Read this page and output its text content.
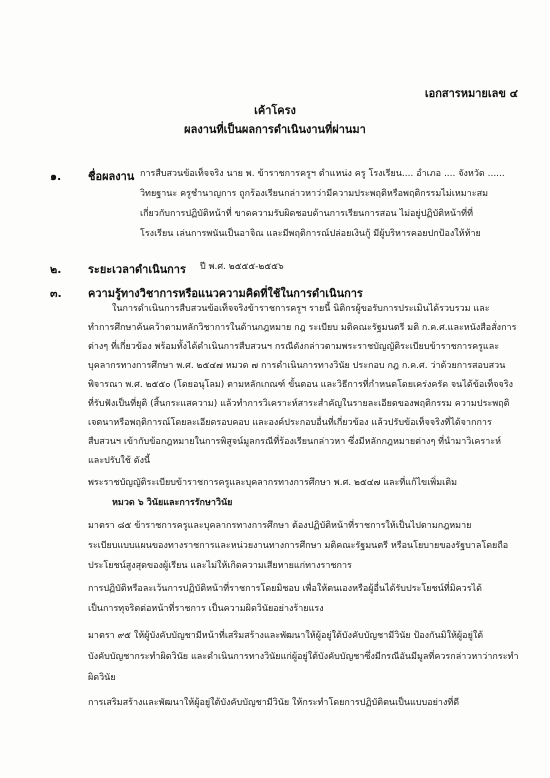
เอกสารหมายเลข ๔
เค้าโครง
ผลงานที่เป็นผลการดำเนินงานที่ผ่านมา
๑. ชื่อผลงาน การสืบสวนข้อเท็จจริง นาย พ. ข้าราชการครูฯ ตำแหน่ง ครู โรงเรียน.... อำเภอ .... จังหวัด ......
วิทยฐานะ ครูชำนาญการ ถูกร้องเรียนกล่าวหาว่ามีความประพฤติหรือพฤติกรรมไม่เหมาะสม
เกี่ยวกับการปฏิบัติหน้าที่ ขาดความรับผิดชอบด้านการเรียนการสอน ไม่อยู่ปฏิบัติหน้าที่ที่
โรงเรียน เล่นการพนันเป็นอาจิณ และมีพฤติการณ์ปล่อยเงินกู้ มีผู้บริหารคอยปกป้องให้ท้าย
๒. ระยะเวลาดำเนินการ ปี พ.ศ. ๒๕๕๕-๒๕๕๖
๓. ความรู้ทางวิชาการหรือแนวความคิดที่ใช้ในการดำเนินการ
ในการดำเนินการสืบสวนข้อเท็จจริงข้าราชการครูฯ รายนี้ นิติกรผู้ขอรับการประเมินได้รวบรวม และ
ทำการศึกษาค้นคว้าตามหลักวิชาการในด้านกฎหมาย กฎ ระเบียบ มติคณะรัฐมนตรี มติ ก.ค.ศ.และหนังสือสั่งการ
ต่างๆ ที่เกี่ยวข้อง พร้อมทั้งได้ดำเนินการสืบสวนฯ กรณีดังกล่าวตามพระราชบัญญัติระเบียบข้าราชการครูและ
บุคลากรทางการศึกษา พ.ศ. ๒๕๔๗ หมวด ๗ การดำเนินการทางวินัย ประกอบ กฎ ก.ค.ศ. ว่าด้วยการสอบสวน
พิจารณา พ.ศ. ๒๕๕๐ (โดยอนุโลม) ตามหลักเกณฑ์ ขั้นตอน และวิธีการที่กำหนดโดยเคร่งครัด จนได้ข้อเท็จจริง
ที่รับฟังเป็นที่ยุติ (สิ้นกระแสความ) แล้วทำการวิเคราะห์สาระสำคัญในรายละเอียดของพฤติกรรม ความประพฤติ
เจตนาหรือพฤติการณ์โดยละเอียดรอบคอบ และองค์ประกอบอื่นที่เกี่ยวข้อง แล้วปรับข้อเท็จจริงที่ได้จากการ
สืบสวนฯ เข้ากับข้อกฎหมายในการพิสูจน์มูลกรณีที่ร้องเรียนกล่าวหา ซึ่งมีหลักกฎหมายต่างๆ ที่นำมาวิเคราะห์
และปรับใช้ ดังนี้
พระราชบัญญัติระเบียบข้าราชการครูและบุคลากรทางการศึกษา พ.ศ. ๒๕๔๗ และที่แก้ไขเพิ่มเติม
หมวด ๖ วินัยและการรักษาวินัย
มาตรา ๘๕ ข้าราชการครูและบุคลากรทางการศึกษา ต้องปฏิบัติหน้าที่ราชการให้เป็นไปตามกฎหมาย
ระเบียบแบบแผนของทางราชการและหน่วยงานทางการศึกษา มติคณะรัฐมนตรี หรือนโยบายของรัฐบาลโดยถือ
ประโยชน์สูงสุดของผู้เรียน และไม่ให้เกิดความเสียหายแก่ทางราชการ
การปฏิบัติหรือละเว้นการปฏิบัติหน้าที่ราชการโดยมิชอบ เพื่อให้ตนเองหรือผู้อื่นได้รับประโยชน์ที่มิควรได้
เป็นการทุจริตต่อหน้าที่ราชการ เป็นความผิดวินัยอย่างร้ายแรง
มาตรา ๙๕ ให้ผู้บังคับบัญชามีหน้าที่เสริมสร้างและพัฒนาให้ผู้อยู่ใต้บังคับบัญชามีวินัย ป้องกันมิให้ผู้อยู่ใต้
บังคับบัญชากระทำผิดวินัย และดำเนินการทางวินัยแก่ผู้อยู่ใต้บังคับบัญชาซึ่งมีกรณีอันมีมูลที่ควรกล่าวหาว่ากระทำ
ผิดวินัย
การเสริมสร้างและพัฒนาให้ผู้อยู่ใต้บังคับบัญชามีวินัย ให้กระทำโดยการปฏิบัติตนเป็นแบบอย่างที่ดี
